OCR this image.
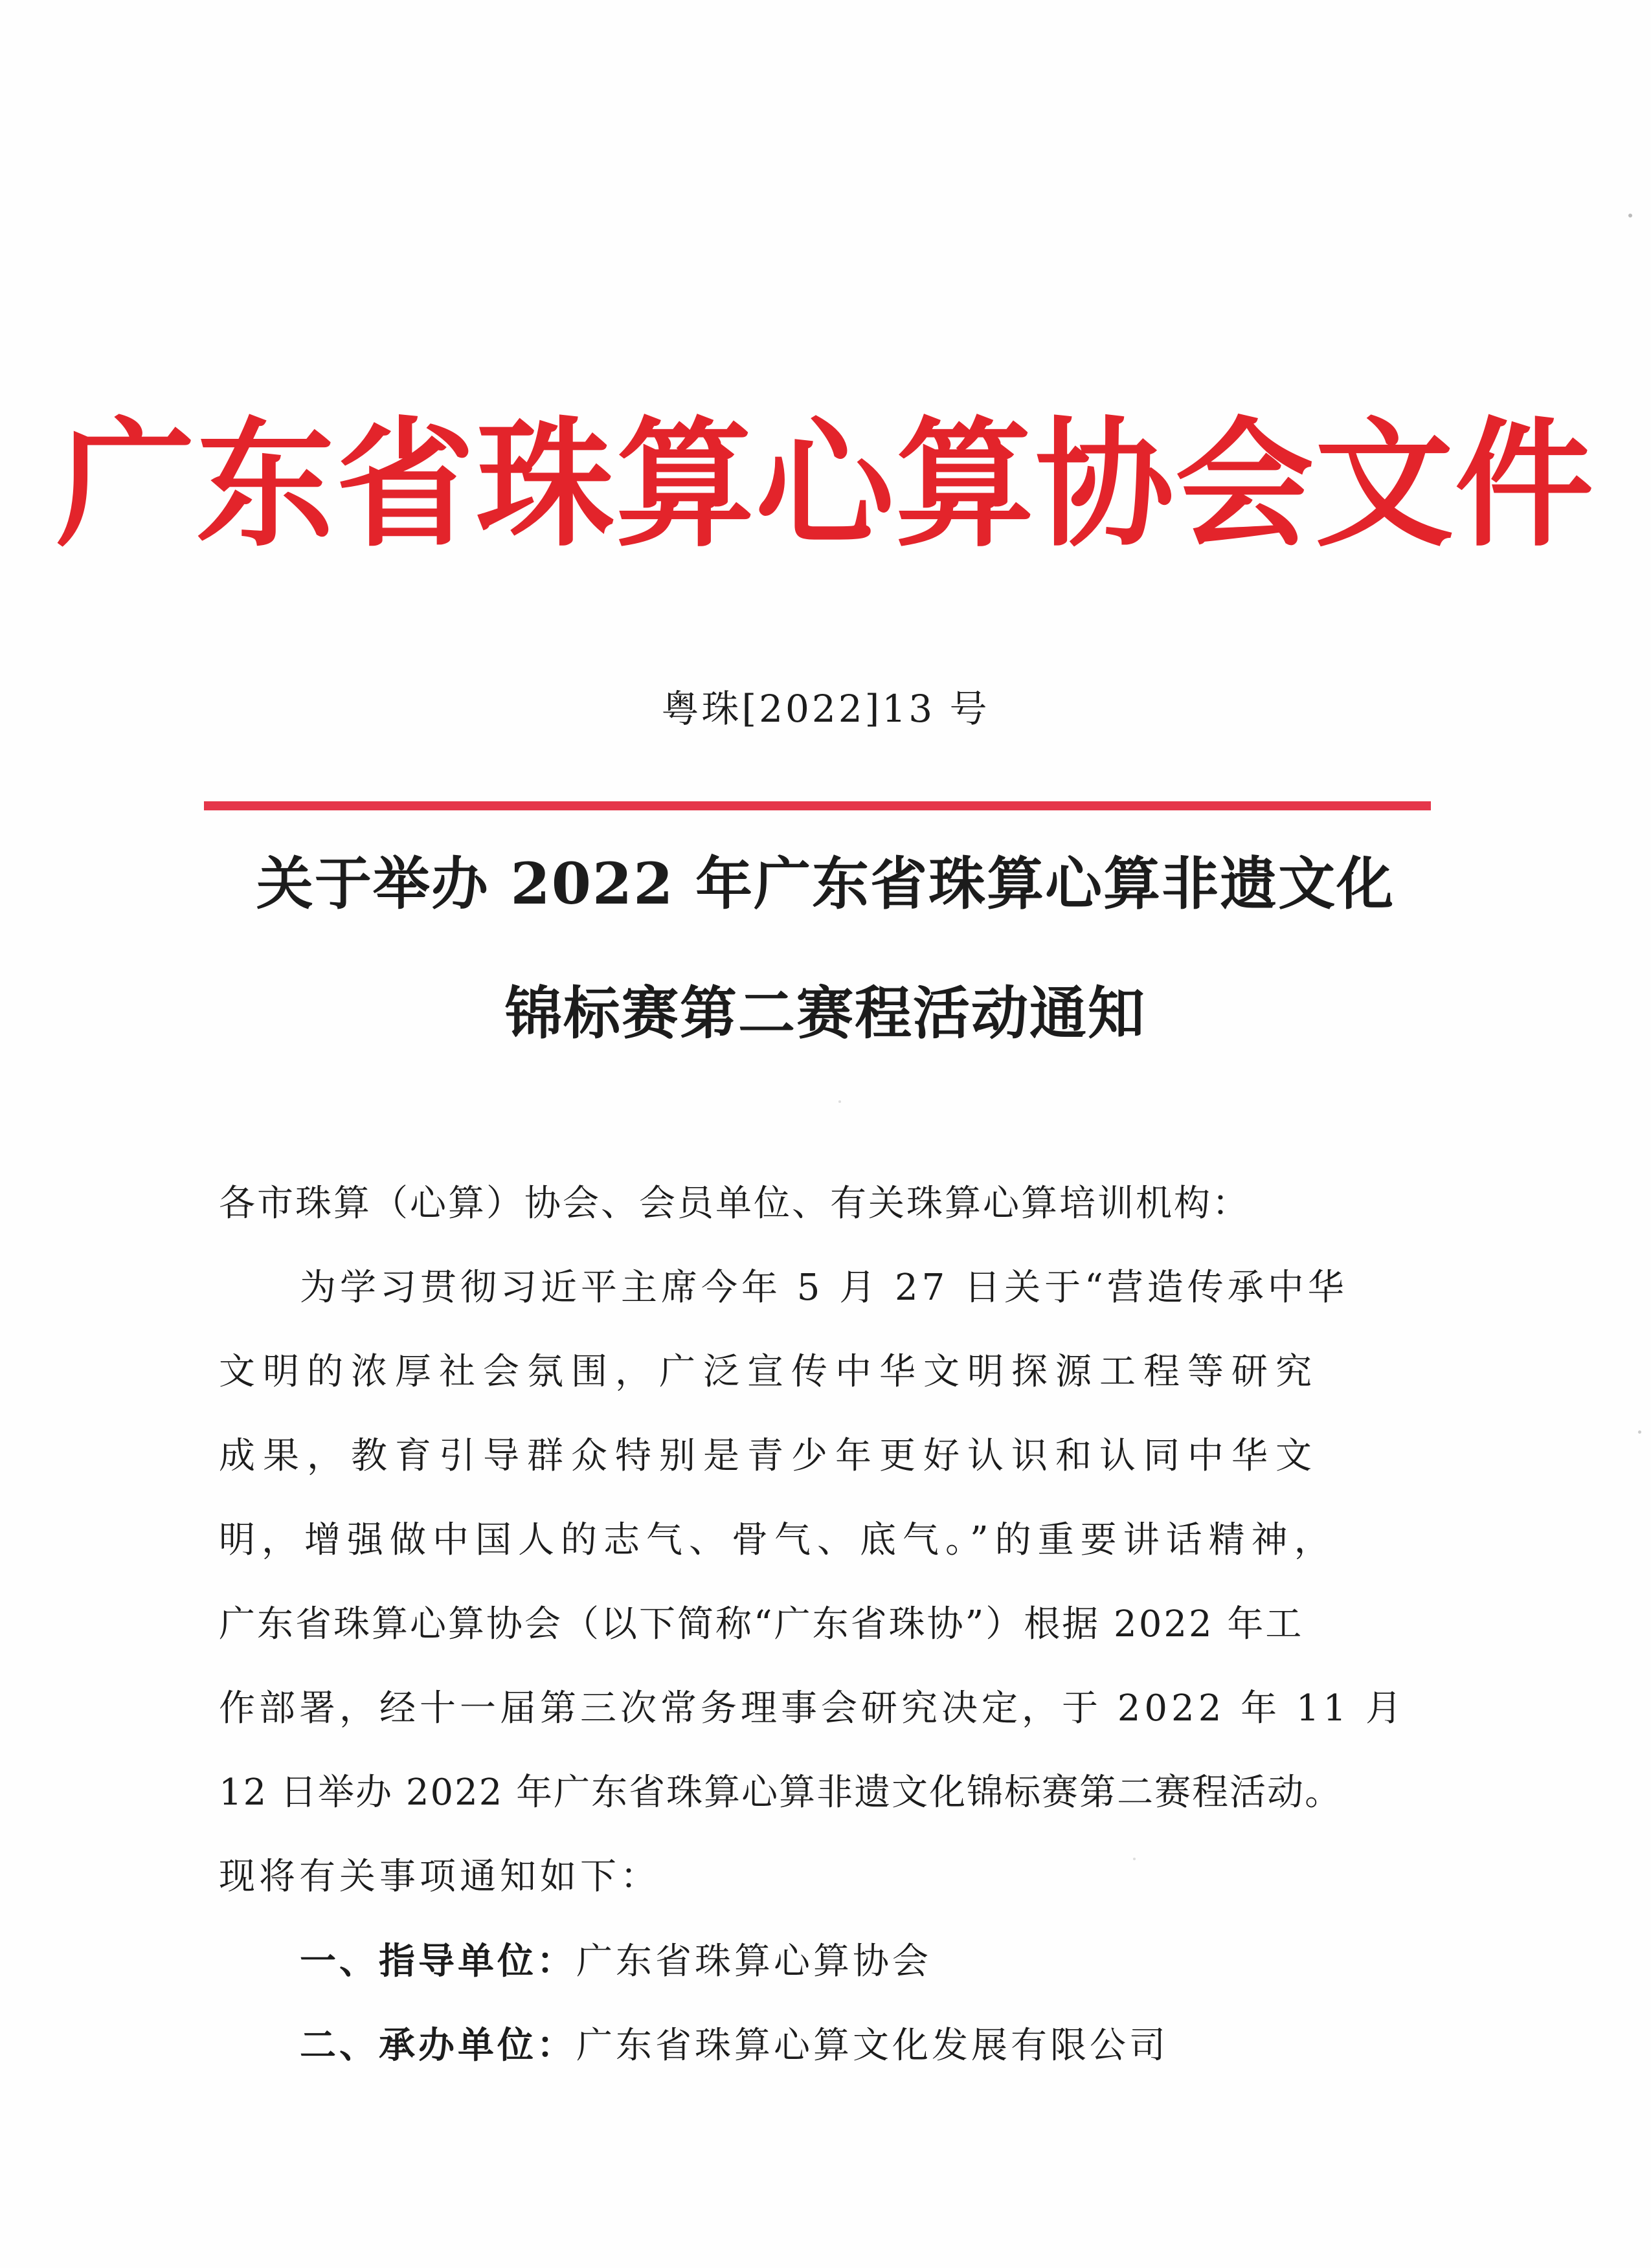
广东省珠算心算协会文件
粤珠[2022]13 号
关于举办 2022 年广东省珠算心算非遗文化
锦标赛第二赛程活动通知
各市珠算（心算）协会、会员单位、有关珠算心算培训机构：
为学习贯彻习近平主席今年 5 月 27 日关于“营造传承中华
文明的浓厚社会氛围，广泛宣传中华文明探源工程等研究
成果，教育引导群众特别是青少年更好认识和认同中华文
明，增强做中国人的志气、骨气、底气。”的重要讲话精神，
广东省珠算心算协会（以下简称“广东省珠协”）根据 2022 年工
作部署，经十一届第三次常务理事会研究决定，于 2022 年 11 月
12 日举办 2022 年广东省珠算心算非遗文化锦标赛第二赛程活动。
现将有关事项通知如下：
一、指导单位：广东省珠算心算协会
二、承办单位：广东省珠算心算文化发展有限公司
